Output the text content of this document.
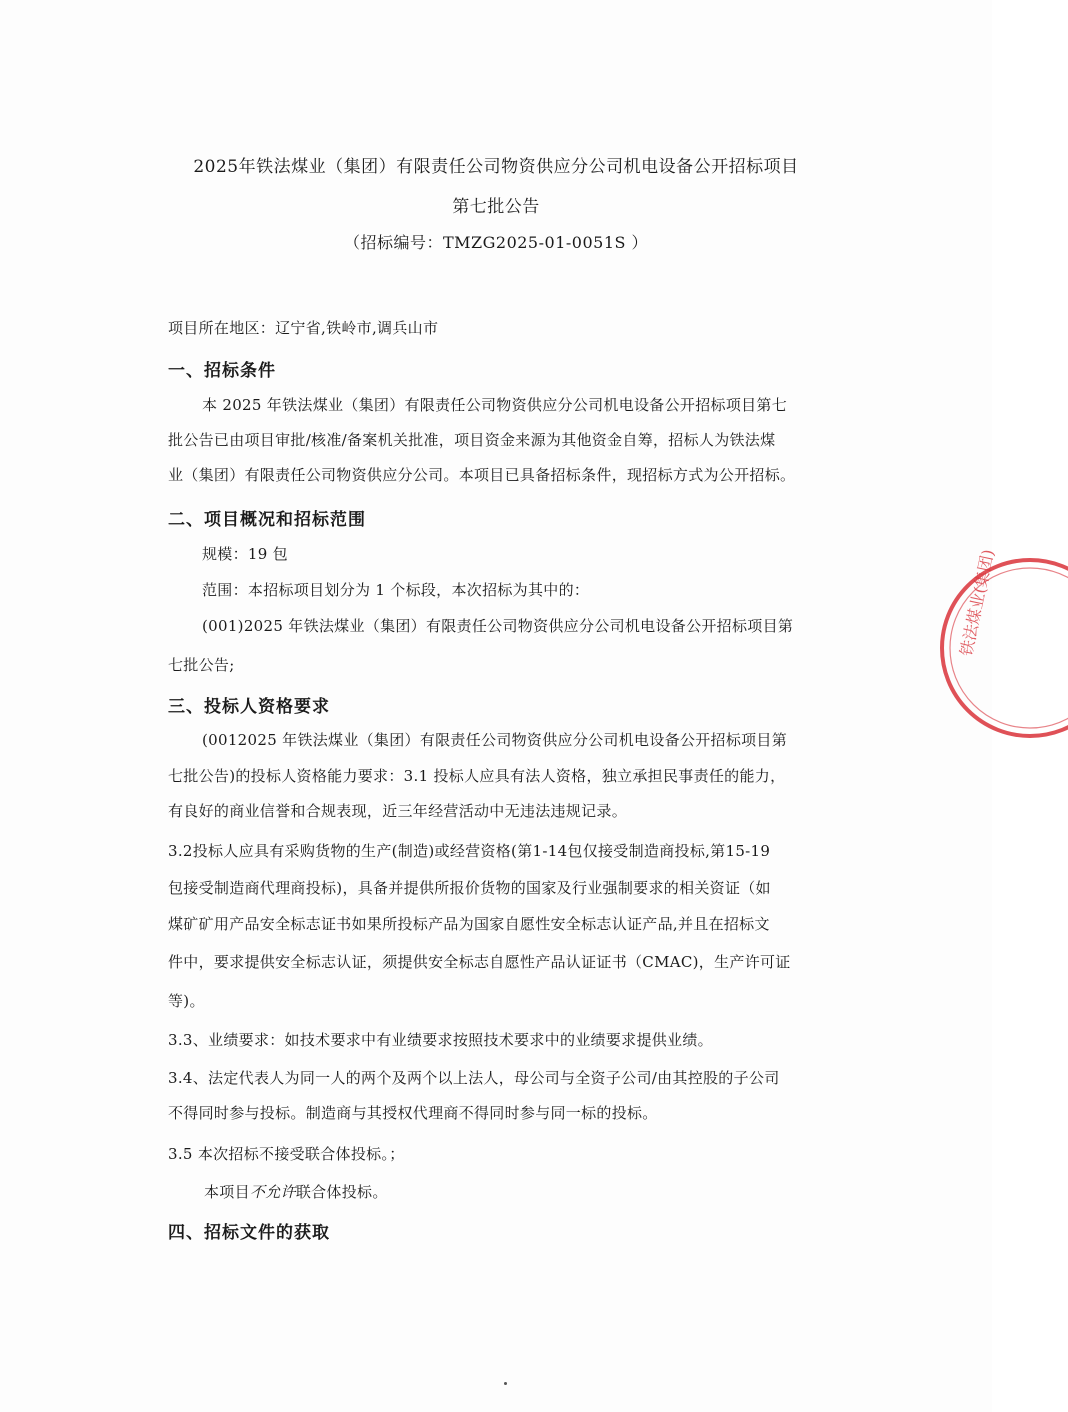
2025年铁法煤业（集团）有限责任公司物资供应分公司机电设备公开招标项目
第七批公告
（招标编号：TMZG2025-01-0051S ）
项目所在地区：辽宁省,铁岭市,调兵山市
一、招标条件
本 2025 年铁法煤业（集团）有限责任公司物资供应分公司机电设备公开招标项目第七
批公告已由项目审批/核准/备案机关批准，项目资金来源为其他资金自筹，招标人为铁法煤
业（集团）有限责任公司物资供应分公司。本项目已具备招标条件，现招标方式为公开招标。
二、项目概况和招标范围
规模：19 包
范围：本招标项目划分为 1 个标段，本次招标为其中的：
(001)2025 年铁法煤业（集团）有限责任公司物资供应分公司机电设备公开招标项目第
七批公告;
三、投标人资格要求
(0012025 年铁法煤业（集团）有限责任公司物资供应分公司机电设备公开招标项目第
七批公告)的投标人资格能力要求：3.1 投标人应具有法人资格，独立承担民事责任的能力，
有良好的商业信誉和合规表现，近三年经营活动中无违法违规记录。
3.2投标人应具有采购货物的生产(制造)或经营资格(第1-14包仅接受制造商投标,第15-19
包接受制造商代理商投标)，具备并提供所报价货物的国家及行业强制要求的相关资证（如
煤矿矿用产品安全标志证书如果所投标产品为国家自愿性安全标志认证产品,并且在招标文
件中，要求提供安全标志认证，须提供安全标志自愿性产品认证证书（CMAC)，生产许可证
等)。
3.3、业绩要求：如技术要求中有业绩要求按照技术要求中的业绩要求提供业绩。
3.4、法定代表人为同一人的两个及两个以上法人，母公司与全资子公司/由其控股的子公司
不得同时参与投标。制造商与其授权代理商不得同时参与同一标的投标。
3.5 本次招标不接受联合体投标。；
本项目不允许联合体投标。
四、招标文件的获取
铁法煤业(集团)
